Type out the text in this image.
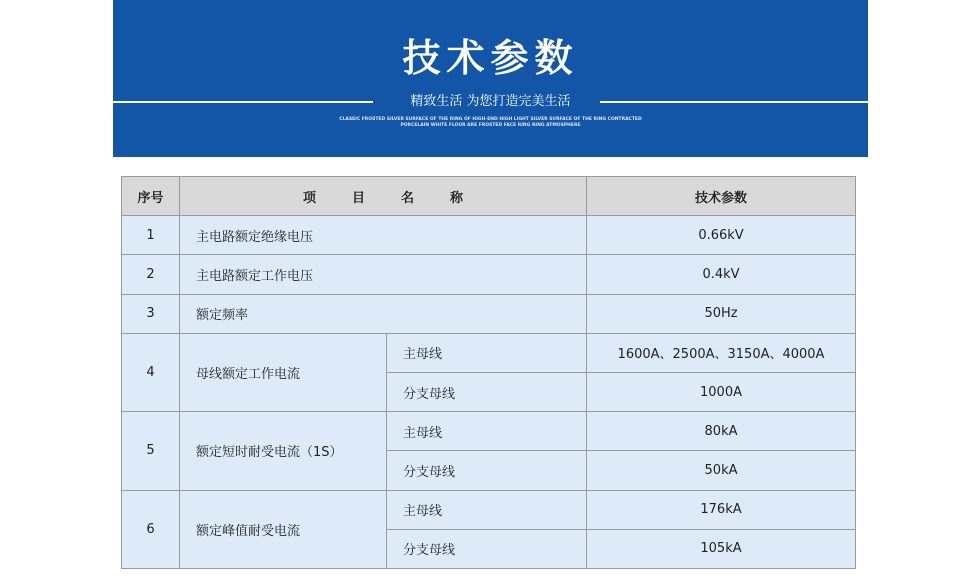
技术参数
精致生活 为您打造完美生活
CLASSIC FROSTED SILVER SURFACE OF THE RING OF HIGH-END HIGH LIGHT SILVER SURFACE OF THE RING CONTRACTED
PORCELAIN WHITE FLOUR ARE FROSTED FACE RING RING ATMOSPHERE
序号	项目名称		技术参数
1	主电路额定绝缘电压		0.66kV
2	主电路额定工作电压		0.4kV
3	额定频率		50Hz
4	母线额定工作电流	主母线	1600A、2500A、3150A、4000A
		分支母线	1000A
5	额定短时耐受电流（1S）	主母线	80kA
		分支母线	50kA
6	额定峰值耐受电流	主母线	176kA
		分支母线	105kA
